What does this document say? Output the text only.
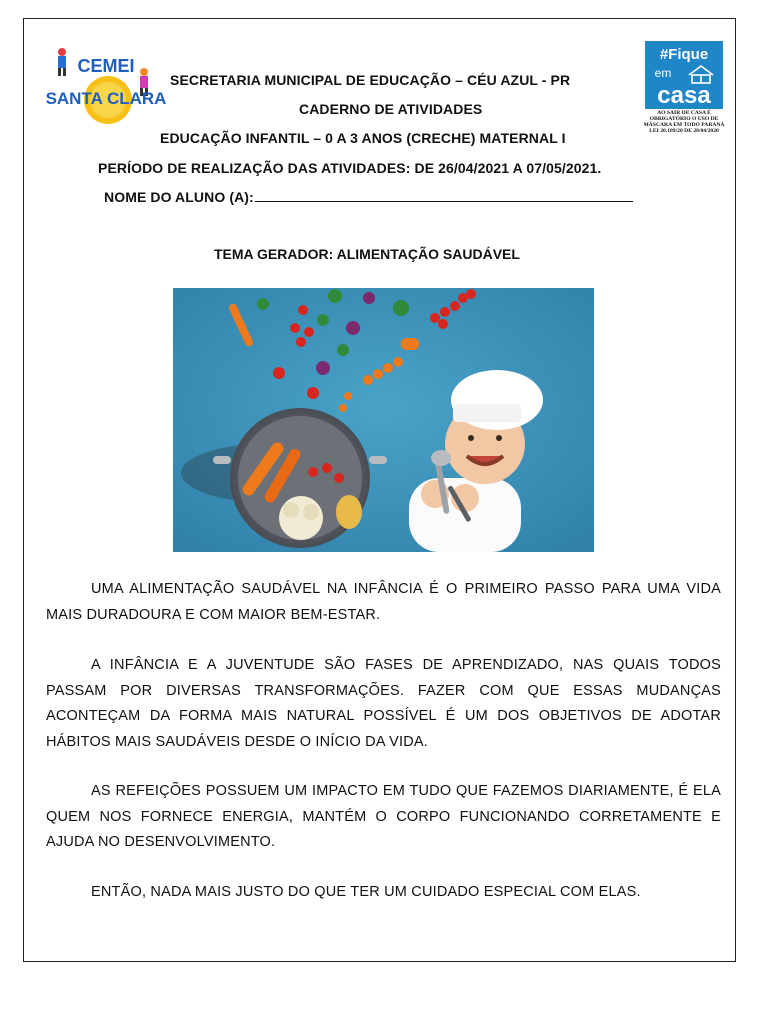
CEMEI
SANTA CLARA
#Fique
em
casa
AO SAIR DE CASA É OBRIGATÓRIO O USO DE MÁSCARA EM TODO PARANÁ LEI 20.189/20 DE 28/04/2020
SECRETARIA MUNICIPAL DE EDUCAÇÃO – CÉU AZUL - PR
CADERNO DE ATIVIDADES
EDUCAÇÃO INFANTIL – 0 A 3 ANOS (CRECHE) MATERNAL I
PERÍODO DE REALIZAÇÃO DAS ATIVIDADES: DE 26/04/2021 A 07/05/2021.
NOME DO ALUNO (A):
TEMA GERADOR: ALIMENTAÇÃO SAUDÁVEL
UMA ALIMENTAÇÃO SAUDÁVEL NA INFÂNCIA É O PRIMEIRO PASSO PARA UMA VIDA MAIS DURADOURA E COM MAIOR BEM-ESTAR.
A INFÂNCIA E A JUVENTUDE SÃO FASES DE APRENDIZADO, NAS QUAIS TODOS PASSAM POR DIVERSAS TRANSFORMAÇÕES. FAZER COM QUE ESSAS MUDANÇAS ACONTEÇAM DA FORMA MAIS NATURAL POSSÍVEL É UM DOS OBJETIVOS DE ADOTAR HÁBITOS MAIS SAUDÁVEIS DESDE O INÍCIO DA VIDA.
AS REFEIÇÕES POSSUEM UM IMPACTO EM TUDO QUE FAZEMOS DIARIAMENTE, É ELA QUEM NOS FORNECE ENERGIA, MANTÉM O CORPO FUNCIONANDO CORRETAMENTE E AJUDA NO DESENVOLVIMENTO.
ENTÃO, NADA MAIS JUSTO DO QUE TER UM CUIDADO ESPECIAL COM ELAS.
